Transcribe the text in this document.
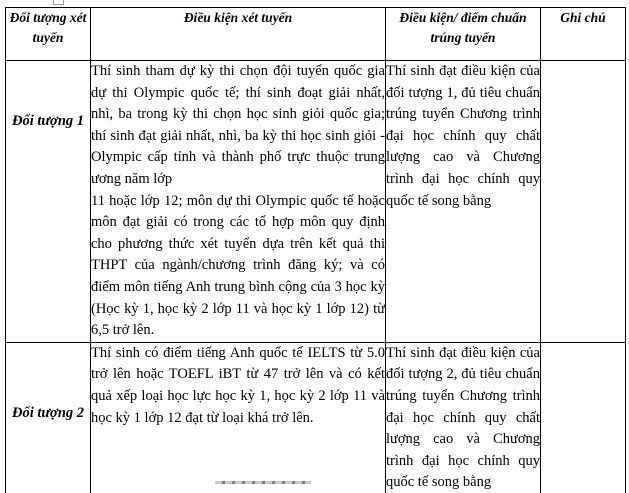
Đối tượng xét tuyển	Điều kiện xét tuyển	Điều kiện/ điểm chuẩn trúng tuyển	Ghi chú

Đối tượng 1	Thí sinh tham dự kỳ thi chọn đội tuyển quốc gia dự thi Olympic quốc tế; thí sinh đoạt giải nhất, nhì, ba trong kỳ thi chọn học sinh giỏi quốc gia; thí sinh đạt giải nhất, nhì, ba kỳ thi học sinh giỏi - Olympic cấp tỉnh và thành phố trực thuộc trung ương năm lớp

11 hoặc lớp 12; môn dự thi Olympic quốc tế hoặc môn đạt giải có trong các tổ hợp môn quy định cho phương thức xét tuyển dựa trên kết quả thi THPT của ngành/chương trình đăng ký; và có điểm môn tiếng Anh trung bình cộng của 3 học kỳ (Học kỳ 1, học kỳ 2 lớp 11 và học kỳ 1 lớp 12) từ 6,5 trở lên.	Thí sinh đạt điều kiện của đối tượng 1, đủ tiêu chuẩn trúng tuyển Chương trình đại học chính quy chất lượng cao và Chương trình đại học chính quy quốc tế song bằng	

Đối tượng 2	Thí sinh có điểm tiếng Anh quốc tế IELTS từ 5.0 trở lên hoặc TOEFL iBT từ 47 trở lên và có kết quả xếp loại học lực học kỳ 1, học kỳ 2 lớp 11 và học kỳ 1 lớp 12 đạt từ loại khá trở lên.	Thí sinh đạt điều kiện của đối tượng 2, đủ tiêu chuẩn trúng tuyển Chương trình đại học chính quy chất lượng cao và Chương trình đại học chính quy quốc tế song bằng	
